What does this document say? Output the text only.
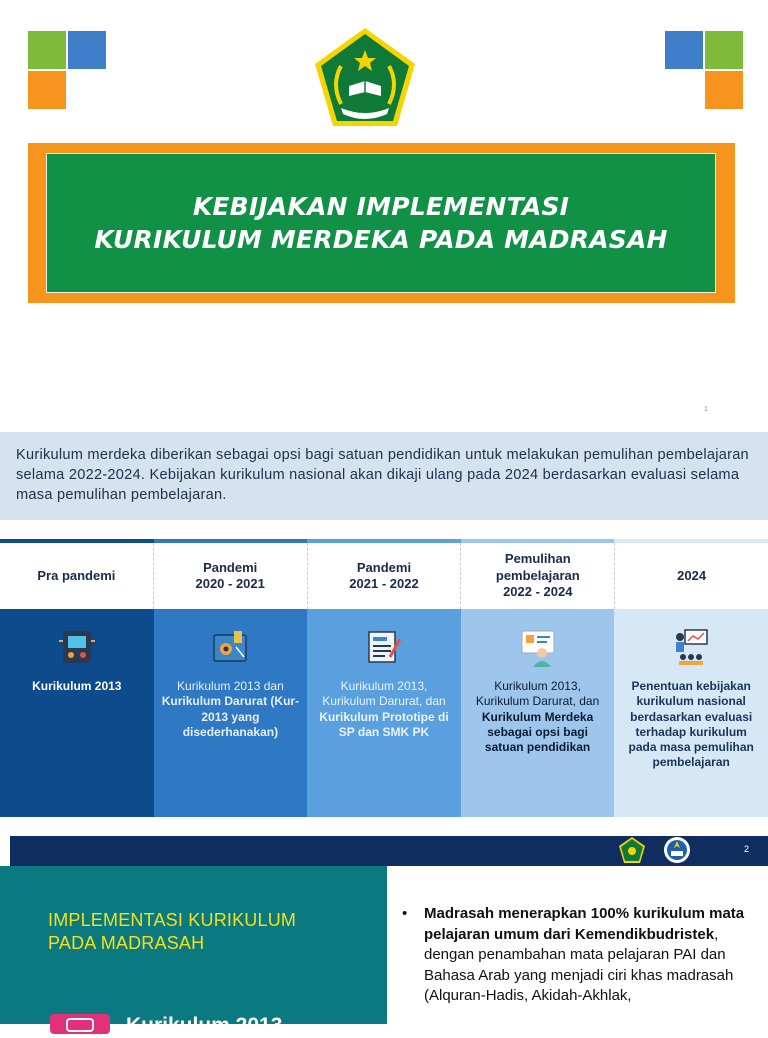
KEBIJAKAN IMPLEMENTASI
KURIKULUM MERDEKA PADA MADRASAH
1

Kurikulum merdeka diberikan sebagai opsi bagi satuan pendidikan untuk melakukan pemulihan pembelajaran selama 2022-2024. Kebijakan kurikulum nasional akan dikaji ulang pada 2024 berdasarkan evaluasi selama masa pemulihan pembelajaran.

Pra pandemi
Pandemi
2020 - 2021
Pandemi
2021 - 2022
Pemulihan
pembelajaran
2022 - 2024
2024
Kurikulum 2013	Kurikulum 2013 dan Kurikulum Darurat (Kur-2013 yang disederhanakan)
Kurikulum 2013, Kurikulum Darurat, dan Kurikulum Prototipe di SP dan SMK PK
Kurikulum 2013, Kurikulum Darurat, dan Kurikulum Merdeka sebagai opsi bagi satuan pendidikan
Penentuan kebijakan kurikulum nasional berdasarkan evaluasi terhadap kurikulum pada masa pemulihan pembelajaran
2
IMPLEMENTASI KURIKULUM
PADA MADRASAH
Kurikulum 2013
• Madrasah menerapkan 100% kurikulum mata pelajaran umum dari Kemendikbudristek, dengan penambahan mata pelajaran PAI dan Bahasa Arab yang menjadi ciri khas madrasah (Alquran-Hadis, Akidah-Akhlak,
